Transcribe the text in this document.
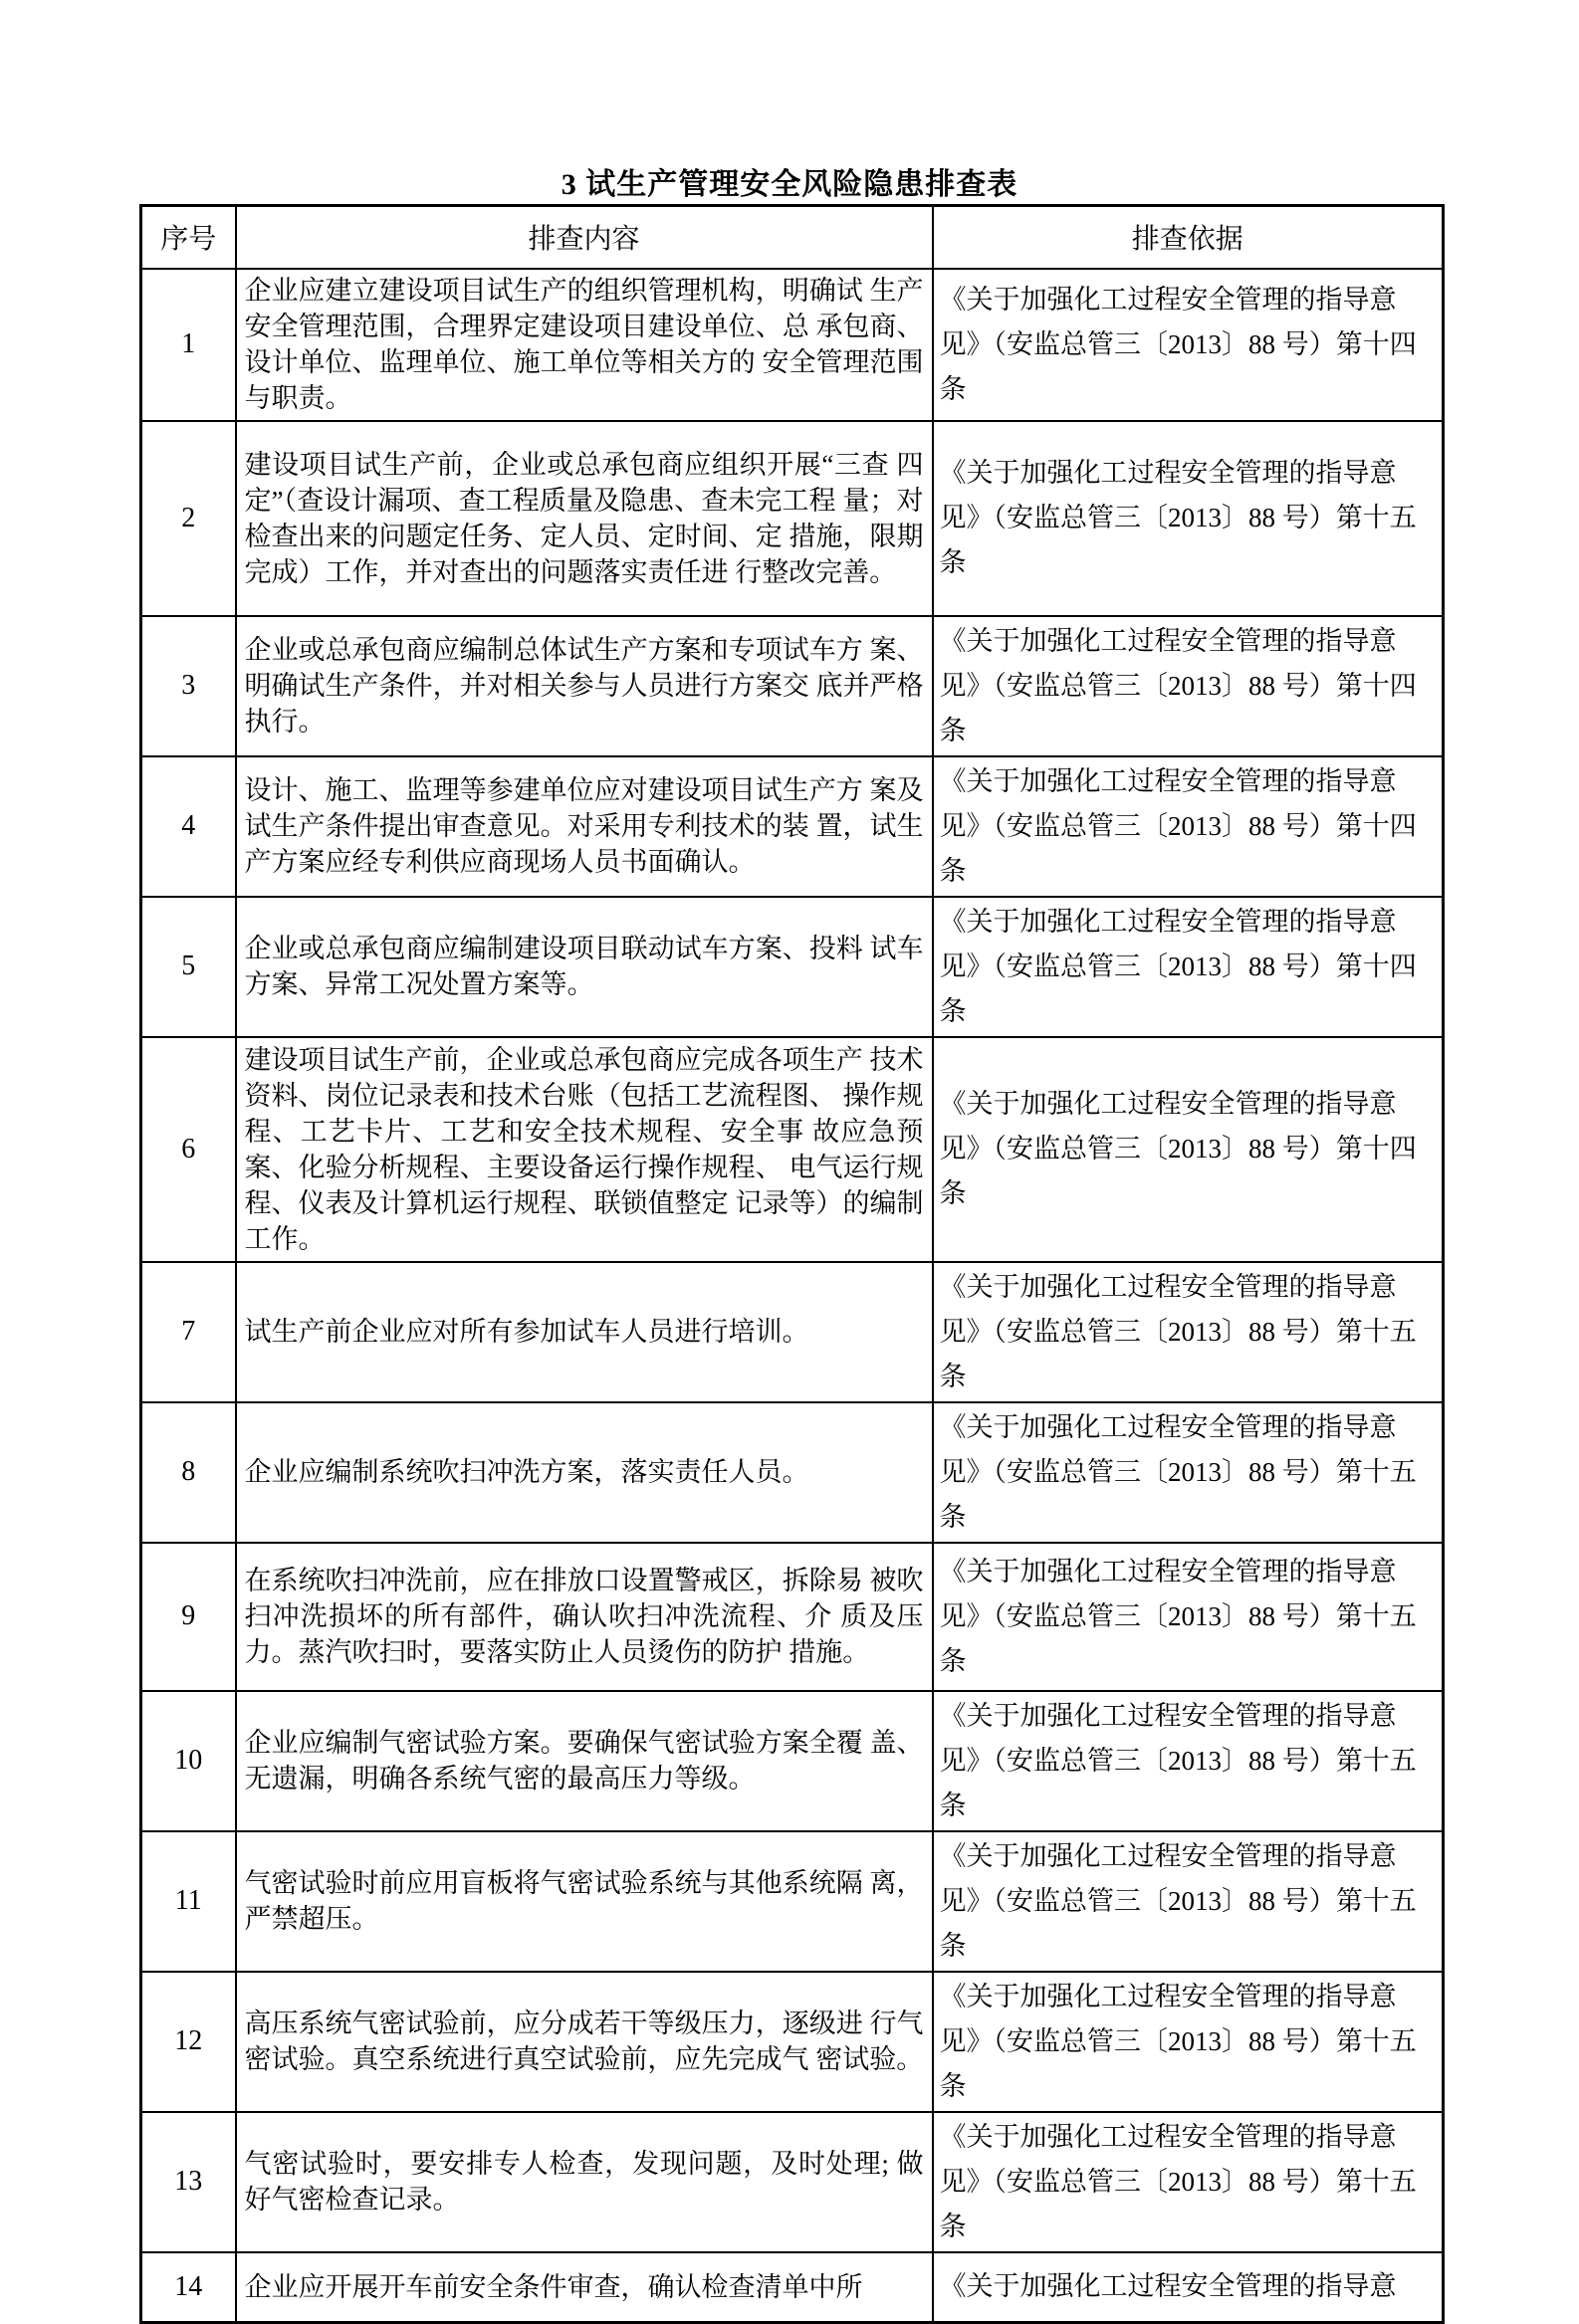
3 试生产管理安全风险隐患排查表
序号	排查内容	排查依据
1	企业应建立建设项目试生产的组织管理机构，明确试 生产安全管理范围，合理界定建设项目建设单位、总 承包商、设计单位、监理单位、施工单位等相关方的 安全管理范围与职责。	《关于加强化工过程安全管理的指导意 见》（安监总管三〔2013〕88 号）第十四 条
2	建设项目试生产前，企业或总承包商应组织开展“三查 四定”（查设计漏项、查工程质量及隐患、查未完工程 量；对检查出来的问题定任务、定人员、定时间、定 措施，限期完成）工作，并对查出的问题落实责任进 行整改完善。	《关于加强化工过程安全管理的指导意 见》（安监总管三〔2013〕88 号）第十五 条
3	企业或总承包商应编制总体试生产方案和专项试车方 案、明确试生产条件，并对相关参与人员进行方案交 底并严格执行。	《关于加强化工过程安全管理的指导意 见》（安监总管三〔2013〕88 号）第十四 条
4	设计、施工、监理等参建单位应对建设项目试生产方 案及试生产条件提出审查意见。对采用专利技术的装 置，试生产方案应经专利供应商现场人员书面确认。	《关于加强化工过程安全管理的指导意 见》（安监总管三〔2013〕88 号）第十四 条
5	企业或总承包商应编制建设项目联动试车方案、投料 试车方案、异常工况处置方案等。	《关于加强化工过程安全管理的指导意 见》（安监总管三〔2013〕88 号）第十四 条
6	建设项目试生产前，企业或总承包商应完成各项生产 技术资料、岗位记录表和技术台账（包括工艺流程图、 操作规程、工艺卡片、工艺和安全技术规程、安全事 故应急预案、化验分析规程、主要设备运行操作规程、 电气运行规程、仪表及计算机运行规程、联锁值整定 记录等）的编制工作。	《关于加强化工过程安全管理的指导意 见》（安监总管三〔2013〕88 号）第十四 条
7	试生产前企业应对所有参加试车人员进行培训。	《关于加强化工过程安全管理的指导意 见》（安监总管三〔2013〕88 号）第十五 条
8	企业应编制系统吹扫冲洗方案，落实责任人员。	《关于加强化工过程安全管理的指导意 见》（安监总管三〔2013〕88 号）第十五 条
9	在系统吹扫冲洗前，应在排放口设置警戒区，拆除易 被吹扫冲洗损坏的所有部件，确认吹扫冲洗流程、介 质及压力。蒸汽吹扫时，要落实防止人员烫伤的防护 措施。	《关于加强化工过程安全管理的指导意 见》（安监总管三〔2013〕88 号）第十五 条
10	企业应编制气密试验方案。要确保气密试验方案全覆 盖、无遗漏，明确各系统气密的最高压力等级。	《关于加强化工过程安全管理的指导意 见》（安监总管三〔2013〕88 号）第十五 条
11	气密试验时前应用盲板将气密试验系统与其他系统隔 离，严禁超压。	《关于加强化工过程安全管理的指导意 见》（安监总管三〔2013〕88 号）第十五 条
12	高压系统气密试验前，应分成若干等级压力，逐级进 行气密试验。真空系统进行真空试验前，应先完成气 密试验。	《关于加强化工过程安全管理的指导意 见》（安监总管三〔2013〕88 号）第十五 条
13	气密试验时，要安排专人检查，发现问题，及时处理; 做好气密检查记录。	《关于加强化工过程安全管理的指导意 见》（安监总管三〔2013〕88 号）第十五 条
14	企业应开展开车前安全条件审查，确认检查清单中所	《关于加强化工过程安全管理的指导意
